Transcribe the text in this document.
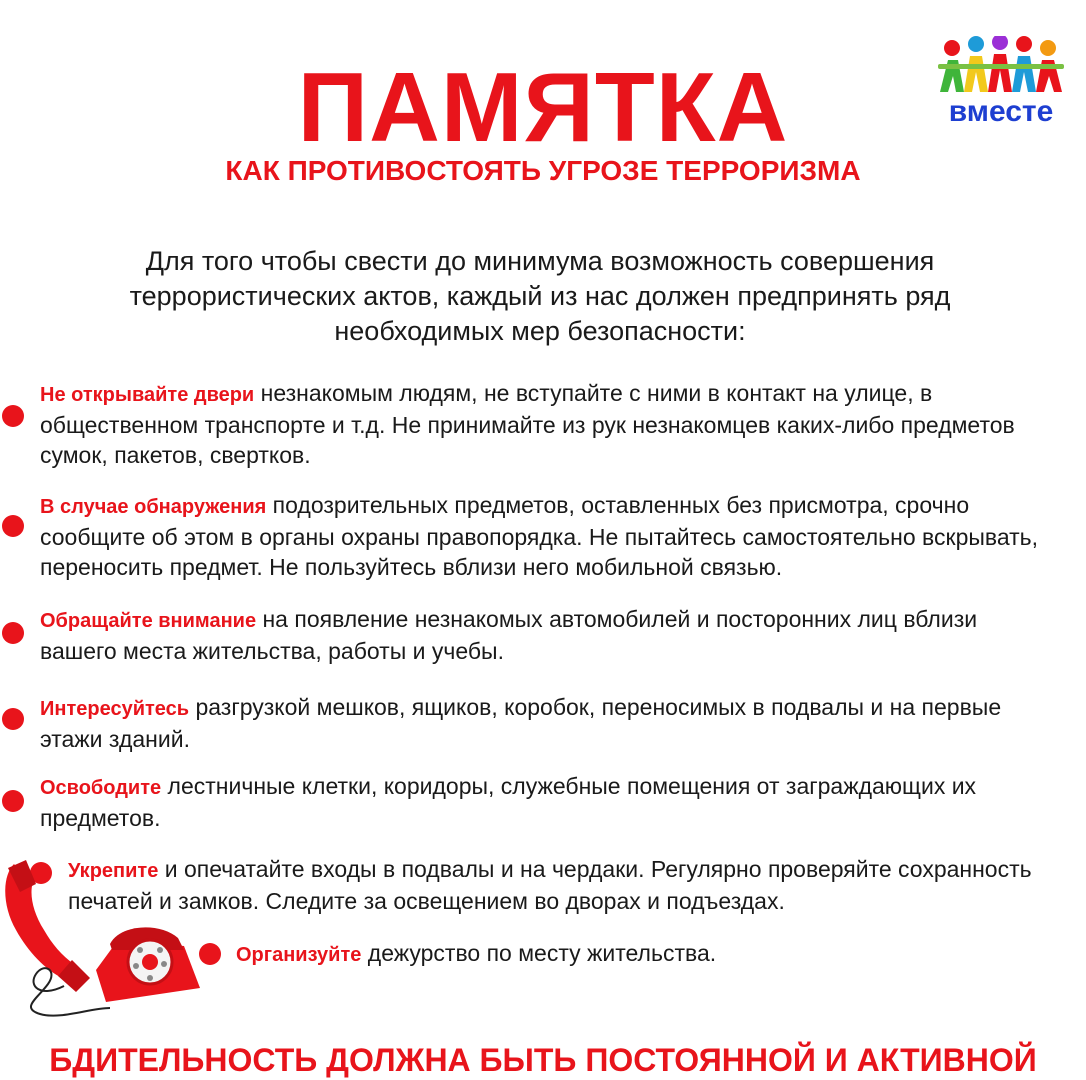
ПАМЯТКА
КАК ПРОТИВОСТОЯТЬ УГРОЗЕ ТЕРРОРИЗМА
вместе
Для того чтобы свести до минимума возможность совершения террористических актов, каждый из нас должен предпринять ряд необходимых мер безопасности:
Не открывайте двери незнакомым людям, не вступайте с ними в контакт на улице, в общественном транспорте и т.д. Не принимайте из рук незнакомцев каких-либо предметов сумок, пакетов, свертков.
В случае обнаружения подозрительных предметов, оставленных без присмотра, срочно сообщите об этом в органы охраны правопорядка. Не пытайтесь самостоятельно вскрывать, переносить предмет. Не пользуйтесь вблизи него мобильной связью.
Обращайте внимание на появление незнакомых автомобилей и посторонних лиц вблизи вашего места жительства, работы и учебы.
Интересуйтесь разгрузкой мешков, ящиков, коробок, переносимых в подвалы и на первые этажи зданий.
Освободите лестничные клетки, коридоры, служебные помещения от заграждающих их предметов.
Укрепите и опечатайте входы в подвалы и на чердаки. Регулярно проверяйте сохранность печатей и замков. Следите за освещением во дворах и подъездах.
Организуйте дежурство по месту жительства.
БДИТЕЛЬНОСТЬ ДОЛЖНА БЫТЬ ПОСТОЯННОЙ И АКТИВНОЙ
